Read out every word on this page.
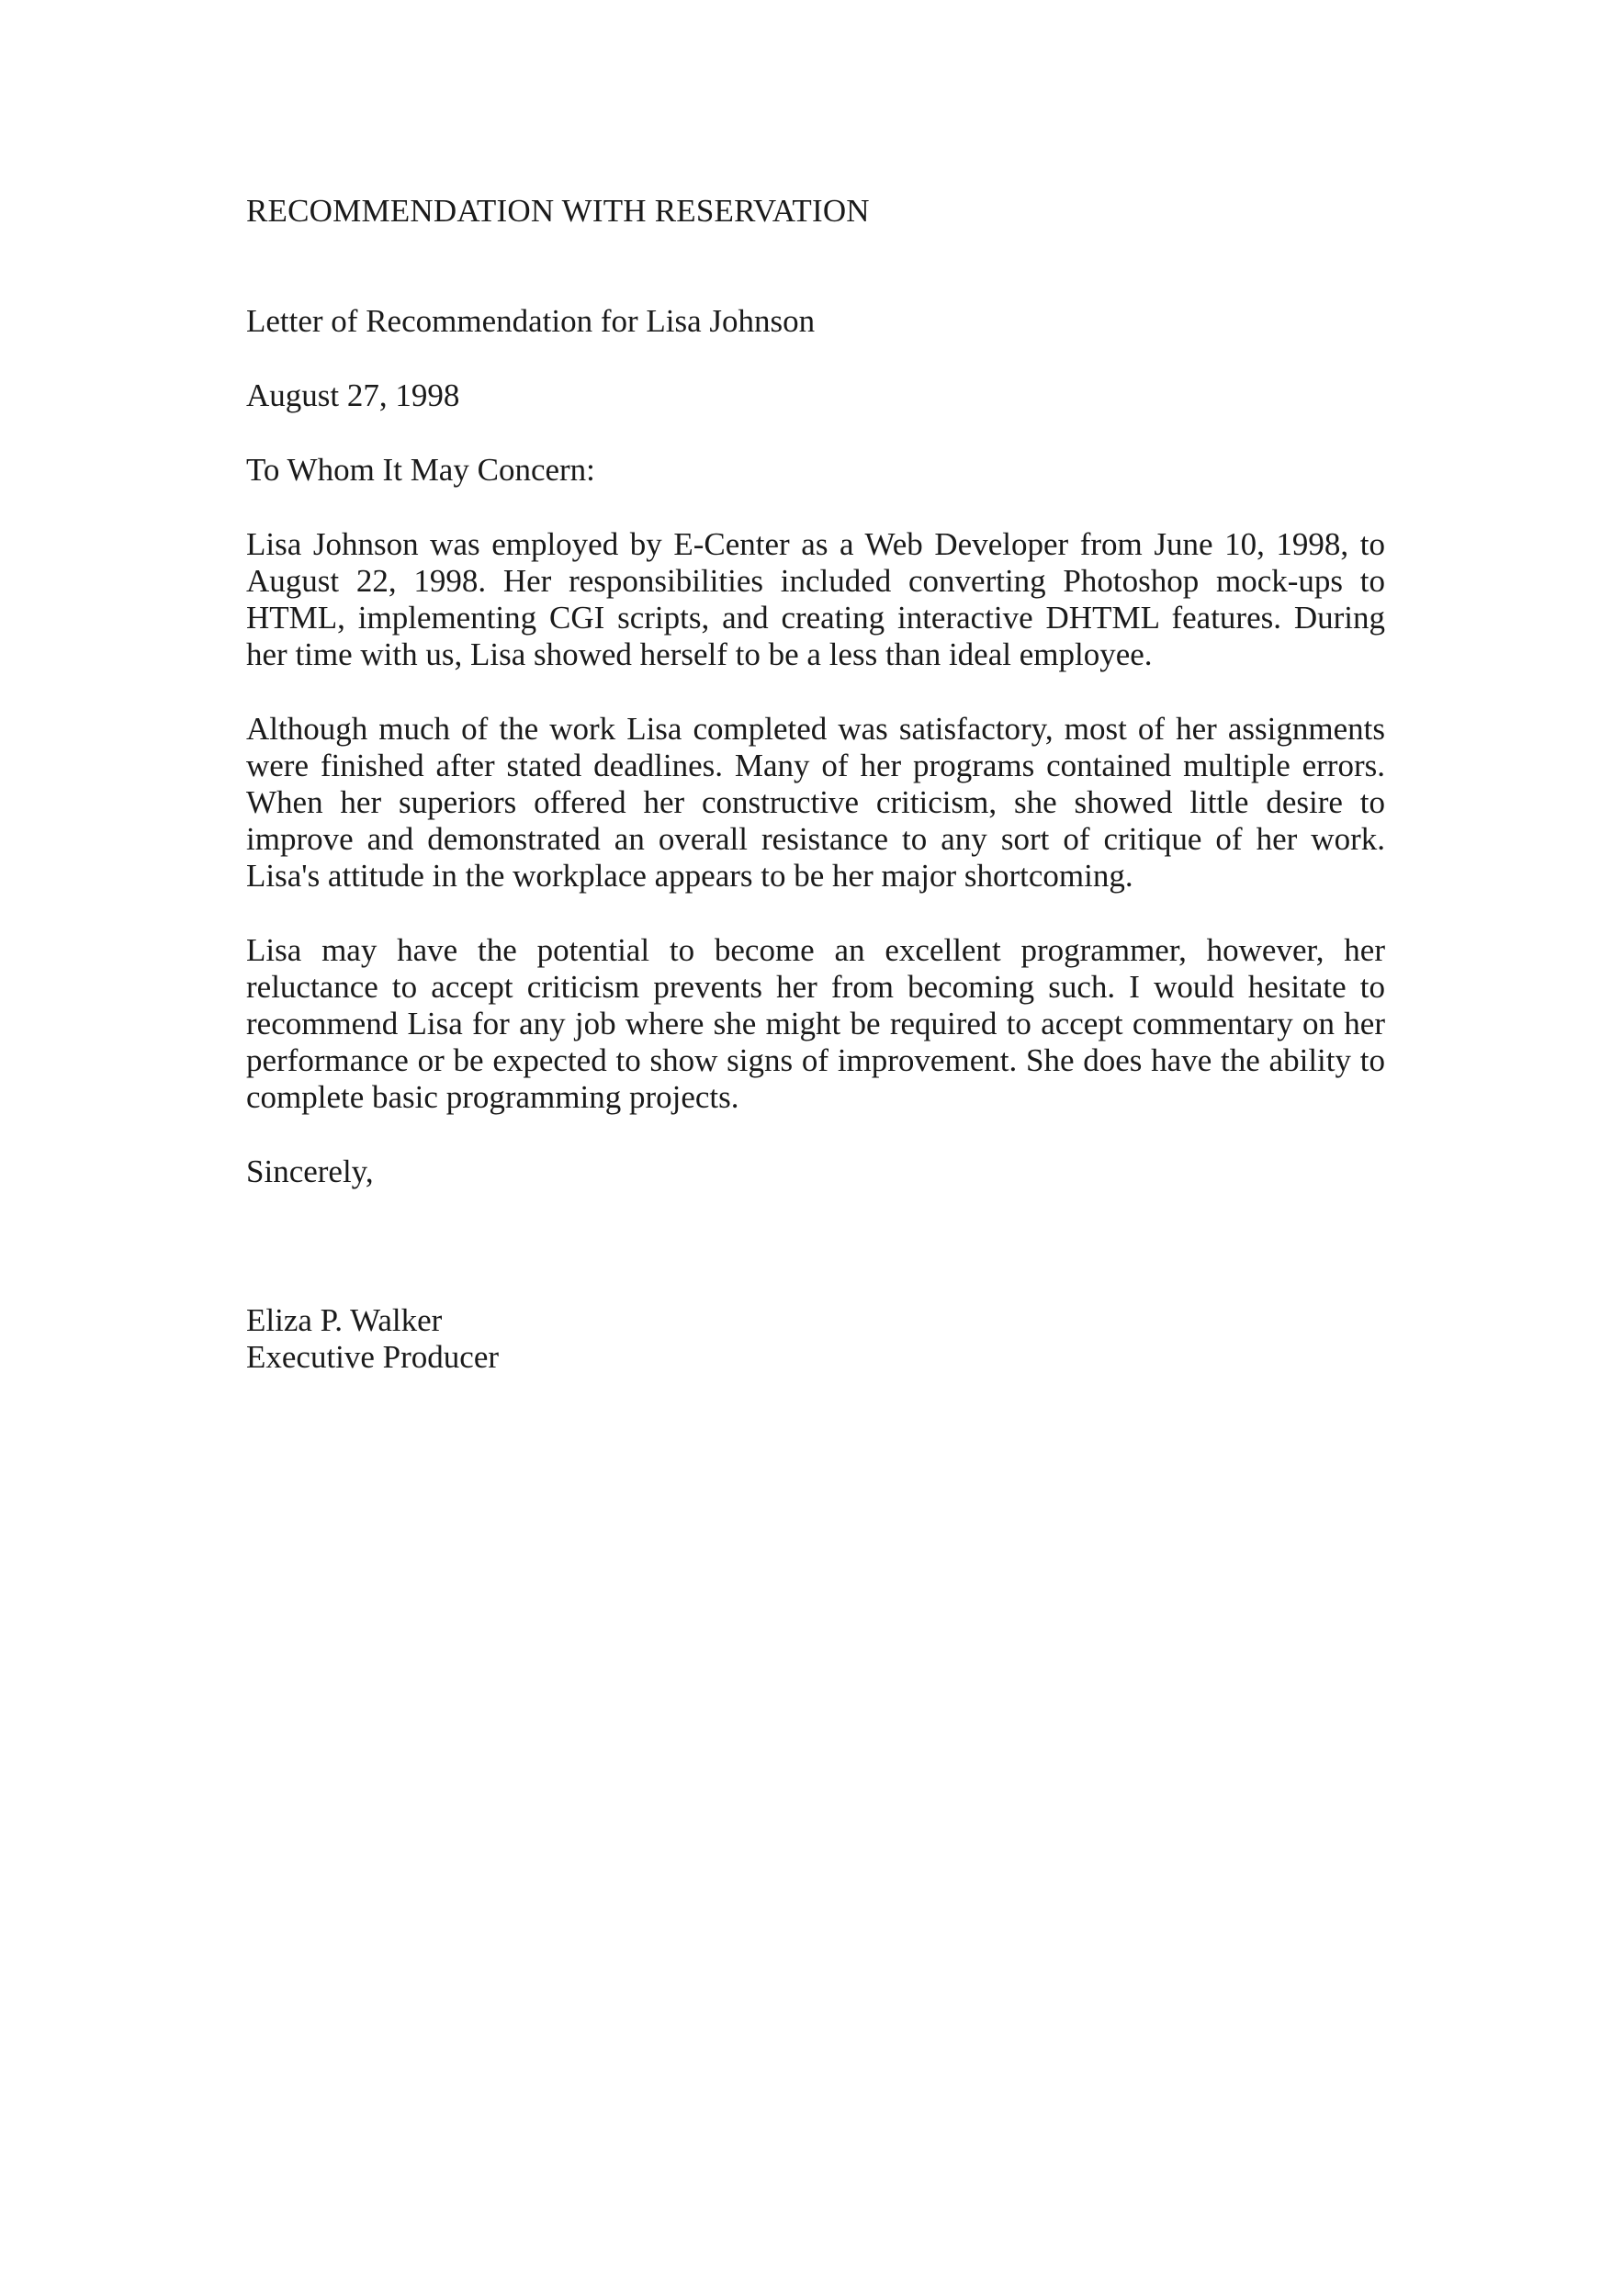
RECOMMENDATION WITH RESERVATION
Letter of Recommendation for Lisa Johnson
August 27, 1998
To Whom It May Concern:
Lisa Johnson was employed by E-Center as a Web Developer from June 10, 1998, to August 22, 1998. Her responsibilities included converting Photoshop mock-ups to HTML, implementing CGI scripts, and creating interactive DHTML features. During her time with us, Lisa showed herself to be a less than ideal employee.
Although much of the work Lisa completed was satisfactory, most of her assignments were finished after stated deadlines. Many of her programs contained multiple errors. When her superiors offered her constructive criticism, she showed little desire to improve and demonstrated an overall resistance to any sort of critique of her work. Lisa's attitude in the workplace appears to be her major shortcoming.
Lisa may have the potential to become an excellent programmer, however, her reluctance to accept criticism prevents her from becoming such. I would hesitate to recommend Lisa for any job where she might be required to accept commentary on her performance or be expected to show signs of improvement. She does have the ability to complete basic programming projects.
Sincerely,
Eliza P. Walker
Executive Producer
